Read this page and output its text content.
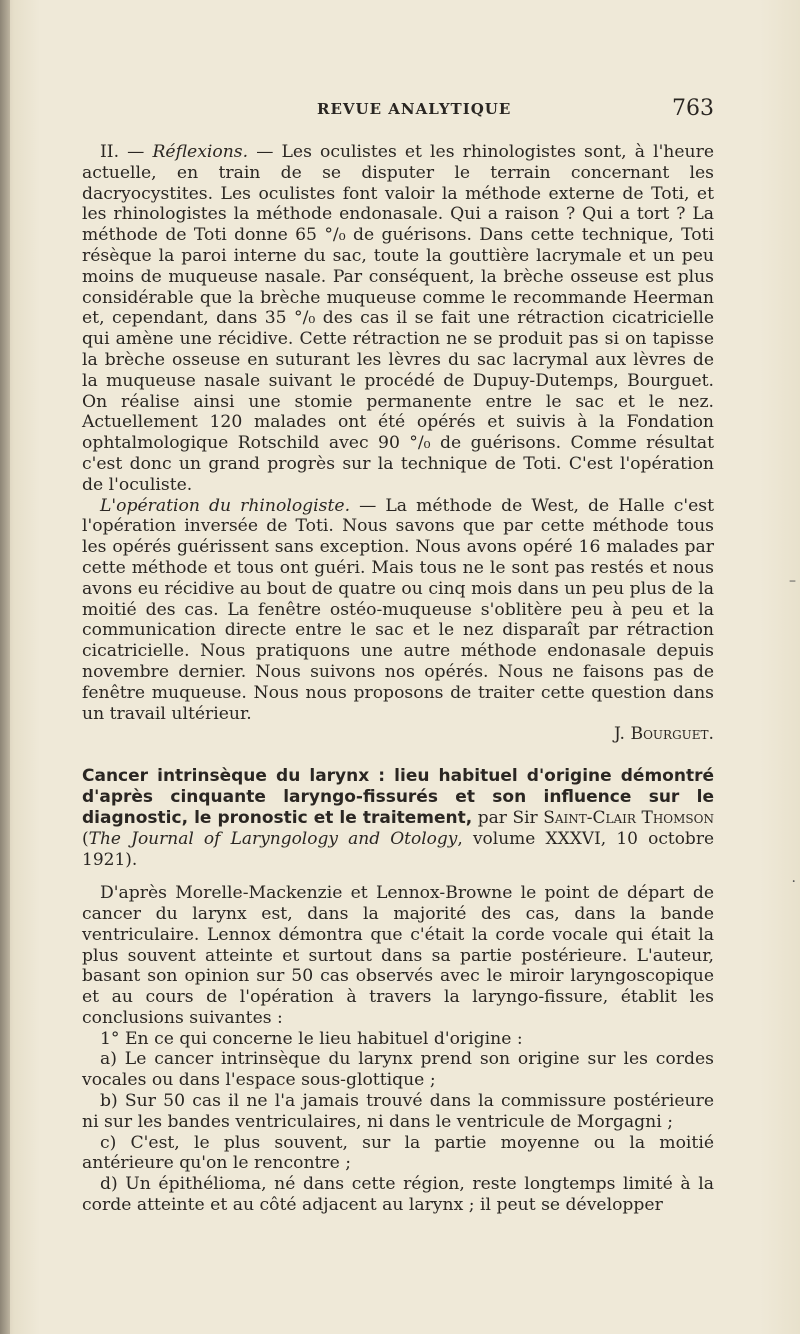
REVUE ANALYTIQUE	763
–
·

II. — Réflexions. — Les oculistes et les rhinologistes sont, à l'heure actuelle, en train de se disputer le terrain concernant les dacryocystites. Les oculistes font valoir la méthode externe de Toti, et les rhinologistes la méthode endonasale. Qui a raison ? Qui a tort ? La méthode de Toti donne 65 °/₀ de guérisons. Dans cette technique, Toti résèque la paroi interne du sac, toute la gouttière lacrymale et un peu moins de muqueuse nasale. Par conséquent, la brèche osseuse est plus considérable que la brèche muqueuse comme le recommande Heerman et, cependant, dans 35 °/₀ des cas il se fait une rétraction cicatricielle qui amène une récidive. Cette rétraction ne se produit pas si on tapisse la brèche osseuse en suturant les lèvres du sac lacrymal aux lèvres de la muqueuse nasale suivant le procédé de Dupuy-Dutemps, Bourguet. On réalise ainsi une stomie permanente entre le sac et le nez. Actuellement 120 malades ont été opérés et suivis à la Fondation ophtalmologique Rotschild avec 90 °/₀ de guérisons. Comme résultat c'est donc un grand progrès sur la technique de Toti. C'est l'opération de l'oculiste.

L'opération du rhinologiste. — La méthode de West, de Halle c'est l'opération inversée de Toti. Nous savons que par cette méthode tous les opérés guérissent sans exception. Nous avons opéré 16 malades par cette méthode et tous ont guéri. Mais tous ne le sont pas restés et nous avons eu récidive au bout de quatre ou cinq mois dans un peu plus de la moitié des cas. La fenêtre ostéo-muqueuse s'oblitère peu à peu et la communication directe entre le sac et le nez disparaît par rétraction cicatricielle. Nous pratiquons une autre méthode endonasale depuis novembre dernier. Nous suivons nos opérés. Nous ne faisons pas de fenêtre muqueuse. Nous nous proposons de traiter cette question dans un travail ultérieur.

J. Bourguet.

Cancer intrinsèque du larynx : lieu habituel d'origine démontré d'après cinquante laryngo-fissurés et son influence sur le diagnostic, le pronostic et le traitement, par Sir Saint-Clair Thomson (The Journal of Laryngology and Otology, volume XXXVI, 10 octobre 1921).

D'après Morelle-Mackenzie et Lennox-Browne le point de départ de cancer du larynx est, dans la majorité des cas, dans la bande ventriculaire. Lennox démontra que c'était la corde vocale qui était la plus souvent atteinte et surtout dans sa partie postérieure. L'auteur, basant son opinion sur 50 cas observés avec le miroir laryngoscopique et au cours de l'opération à travers la laryngo-fissure, établit les conclusions suivantes :

1° En ce qui concerne le lieu habituel d'origine :

a) Le cancer intrinsèque du larynx prend son origine sur les cordes vocales ou dans l'espace sous-glottique ;

b) Sur 50 cas il ne l'a jamais trouvé dans la commissure postérieure ni sur les bandes ventriculaires, ni dans le ventricule de Morgagni ;

c) C'est, le plus souvent, sur la partie moyenne ou la moitié antérieure qu'on le rencontre ;

d) Un épithélioma, né dans cette région, reste longtemps limité à la corde atteinte et au côté adjacent au larynx ; il peut se développer
